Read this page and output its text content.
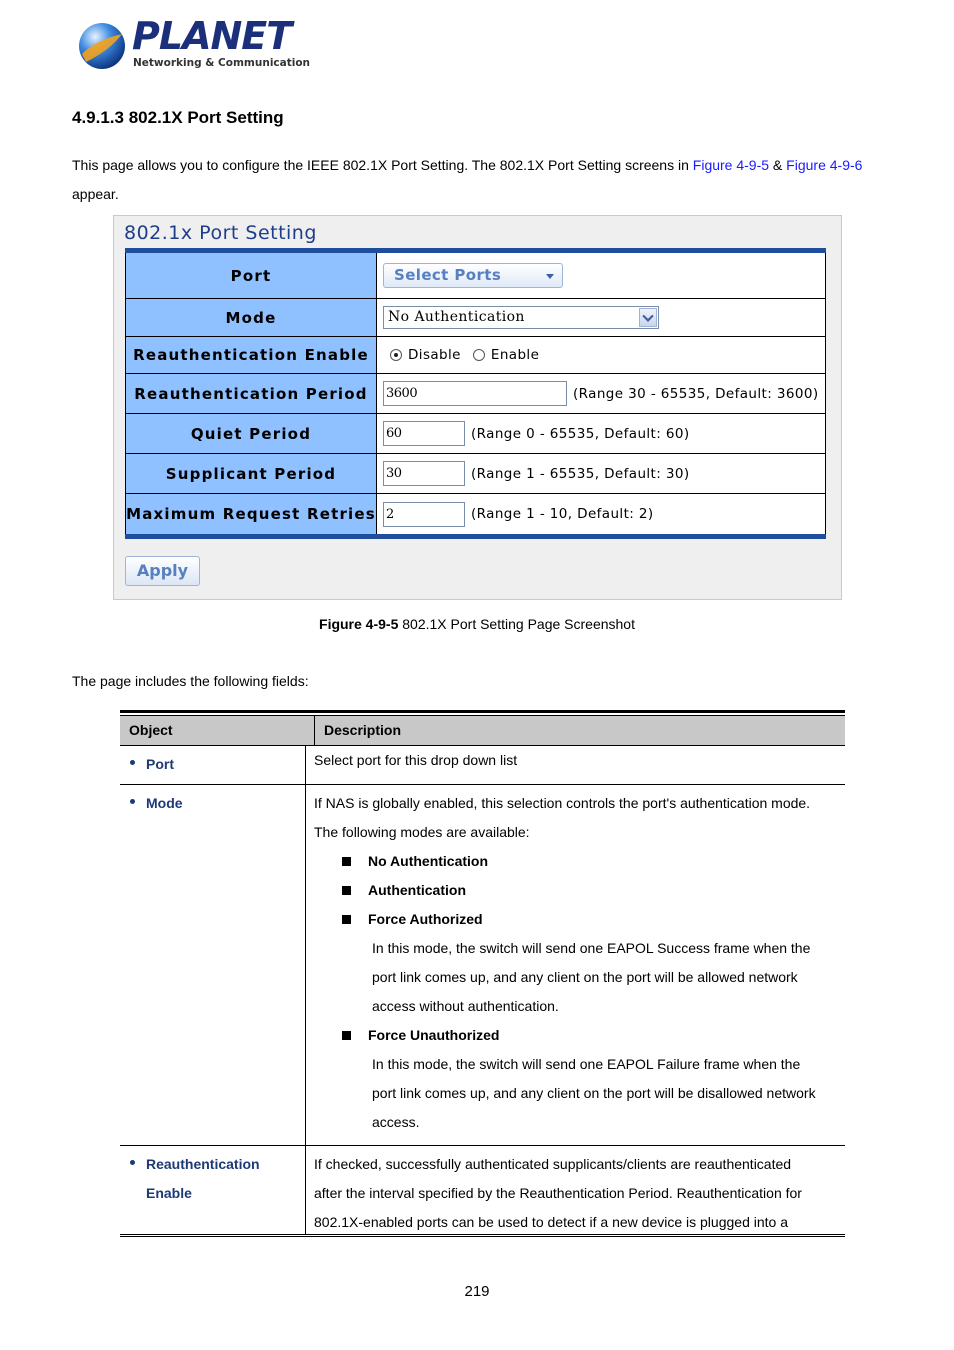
PLANET
Networking & Communication
4.9.1.3 802.1X Port Setting

This page allows you to configure the IEEE 802.1X Port Setting. The 802.1X Port Setting screens in Figure 4-9-5 & Figure 4-9-6
appear.

802.1x Port Setting
Port	Select Ports
Mode	No Authentication
Reauthentication Enable	Disable Enable
Reauthentication Period	3600	(Range 30 - 65535, Default: 3600)
Quiet Period	60	(Range 0 - 65535, Default: 60)
Supplicant Period	30	(Range 1 - 65535, Default: 30)
Maximum Request Retries 2	(Range 1 - 10, Default: 2)
Apply
Figure 4-9-5 802.1X Port Setting Page Screenshot
The page includes the following fields:
Object	Description
Port	Select port for this drop down list

Mode	If NAS is globally enabled, this selection controls the port's authentication mode.

The following modes are available:

No Authentication
Authentication
Force Authorized

In this mode, the switch will send one EAPOL Success frame when the

port link comes up, and any client on the port will be allowed network

access without authentication.

Force Unauthorized

In this mode, the switch will send one EAPOL Failure frame when the

port link comes up, and any client on the port will be disallowed network

access.

Reauthentication
Enable

If checked, successfully authenticated supplicants/clients are reauthenticated

after the interval specified by the Reauthentication Period. Reauthentication for

802.1X-enabled ports can be used to detect if a new device is plugged into a

219
